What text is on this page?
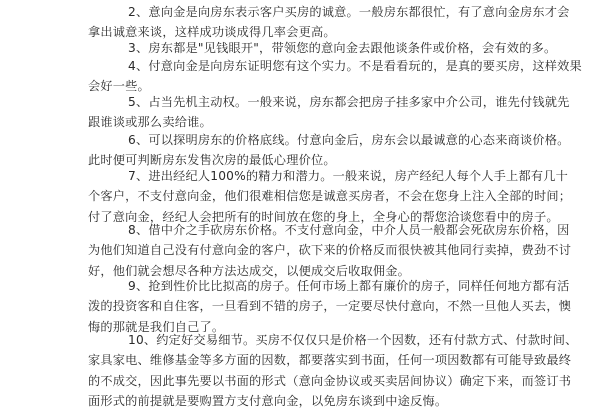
2、意向金是向房东表示客户买房的诚意。一般房东都很忙，有了意向金房东才会
拿出诚意来谈，这样成功谈成得几率会更高。
3、房东都是"见钱眼开"，带领您的意向金去跟他谈条件或价格，会有效的多。
4、付意向金是向房东证明您有这个实力。不是看看玩的，是真的要买房，这样效果
会好一些。
5、占当先机主动权。一般来说，房东都会把房子挂多家中介公司，谁先付钱就先
跟谁谈或那么卖给谁。
6、可以探明房东的价格底线。付意向金后，房东会以最诚意的心态来商谈价格。
此时便可判断房东发售次房的最低心理价位。
7、进出经纪人100%的精力和潜力。一般来说，房产经纪人每个人手上都有几十
个客户，不支付意向金，他们很难相信您是诚意买房者，不会在您身上注入全部的时间；
付了意向金，经纪人会把所有的时间放在您的身上，全身心的帮您洽谈您看中的房子。
8、借中介之手砍房东价格。不支付意向金，中介人员一般都会死砍房东价格，因
为他们知道自己没有付意向金的客户，砍下来的价格反而很快被其他同行卖掉，费劲不讨
好，他们就会想尽各种方法达成交，以便成交后收取佣金。
9、抢到性价比比拟高的房子。任何市场上都有廉价的房子，同样任何地方都有活
泼的投资客和自住客，一旦看到不错的房子，一定要尽快付意向，不然一旦他人买去，懊
悔的那就是我们自己了。
10、约定好交易细节。买房不仅仅只是价格一个因数，还有付款方式、付款时间、
家具家电、维修基金等多方面的因数，都要落实到书面，任何一项因数都有可能导致最终
的不成交，因此事先要以书面的形式（意向金协议或买卖居间协议）确定下来，而签订书
面形式的前提就是要购置方支付意向金，以免房东谈到中途反悔。
